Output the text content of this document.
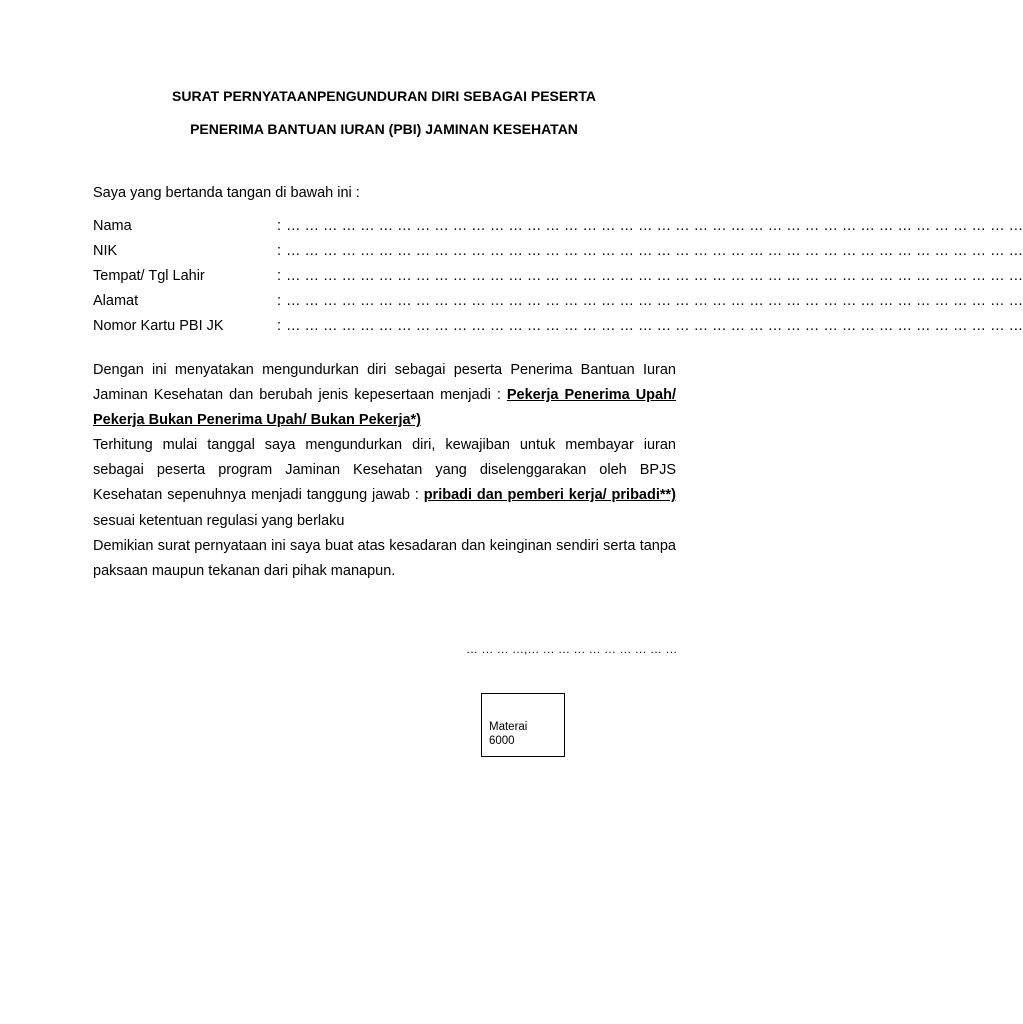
SURAT PERNYATAANPENGUNDURAN DIRI SEBAGAI PESERTA
PENERIMA BANTUAN IURAN (PBI) JAMINAN KESEHATAN
Saya yang bertanda tangan di bawah ini :
Nama	: … … … … … … … … … … … … … … … … … … … … … … … … … … … … … … … … … … … … … … … …
NIK	: … … … … … … … … … … … … … … … … … … … … … … … … … … … … … … … … … … … … … … … …
Tempat/ Tgl Lahir	: … … … … … … … … … … … … … … … … … … … … … … … … … … … … … … … … … … … … … … … …
Alamat	: … … … … … … … … … … … … … … … … … … … … … … … … … … … … … … … … … … … … … … … …
Nomor Kartu PBI JK	: … … … … … … … … … … … … … … … … … … … … … … … … … … … … … … … … … … … … … … … …
Dengan ini menyatakan mengundurkan diri sebagai peserta Penerima Bantuan Iuran Jaminan Kesehatan dan berubah jenis kepesertaan menjadi : Pekerja Penerima Upah/ Pekerja Bukan Penerima Upah/ Bukan Pekerja*)
Terhitung mulai tanggal saya mengundurkan diri, kewajiban untuk membayar iuran sebagai peserta program Jaminan Kesehatan yang diselenggarakan oleh BPJS Kesehatan sepenuhnya menjadi tanggung jawab : pribadi dan pemberi kerja/ pribadi**) sesuai ketentuan regulasi yang berlaku
Demikian surat pernyataan ini saya buat atas kesadaran dan keinginan sendiri serta tanpa paksaan maupun tekanan dari pihak manapun.
… … … …,… … … … … … … … … …
Materai
6000
